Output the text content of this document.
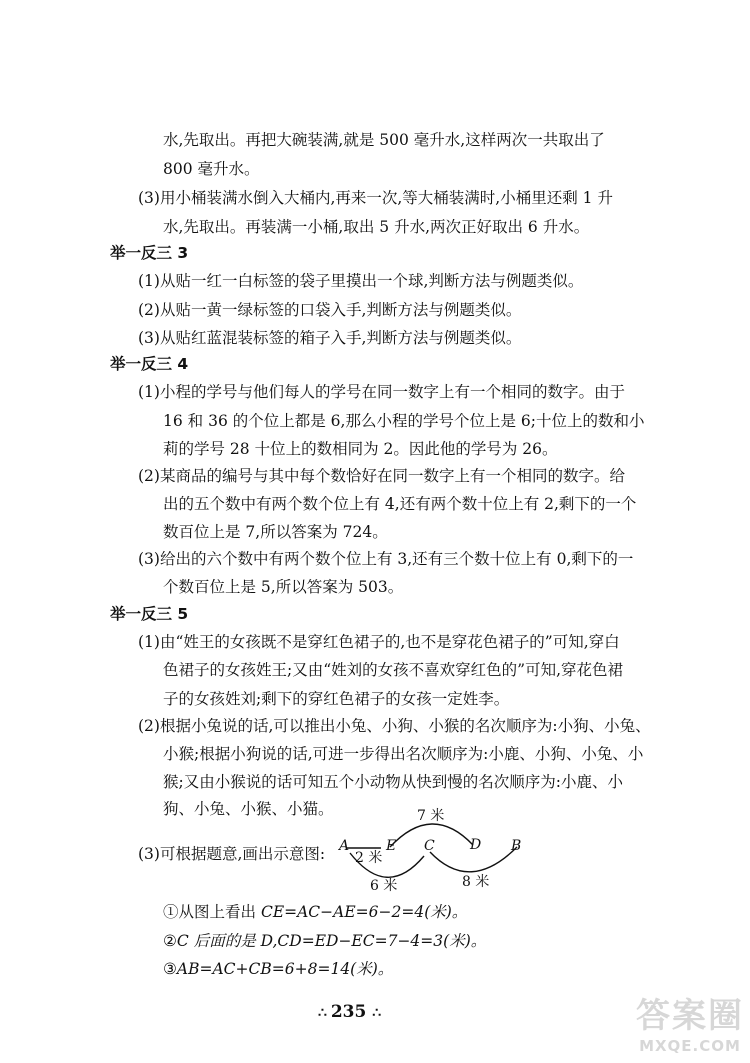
水,先取出。再把大碗装满,就是 500 毫升水,这样两次一共取出了
800 毫升水。
(3)用小桶装满水倒入大桶内,再来一次,等大桶装满时,小桶里还剩 1 升
水,先取出。再装满一小桶,取出 5 升水,两次正好取出 6 升水。
举一反三 3
(1)从贴一红一白标签的袋子里摸出一个球,判断方法与例题类似。
(2)从贴一黄一绿标签的口袋入手,判断方法与例题类似。
(3)从贴红蓝混装标签的箱子入手,判断方法与例题类似。
举一反三 4
(1)小程的学号与他们每人的学号在同一数字上有一个相同的数字。由于
16 和 36 的个位上都是 6,那么小程的学号个位上是 6;十位上的数和小
莉的学号 28 十位上的数相同为 2。因此他的学号为 26。
(2)某商品的编号与其中每个数恰好在同一数字上有一个相同的数字。给
出的五个数中有两个数个位上有 4,还有两个数十位上有 2,剩下的一个
数百位上是 7,所以答案为 724。
(3)给出的六个数中有两个数个位上有 3,还有三个数十位上有 0,剩下的一
个数百位上是 5,所以答案为 503。
举一反三 5
(1)由“姓王的女孩既不是穿红色裙子的,也不是穿花色裙子的”可知,穿白
色裙子的女孩姓王;又由“姓刘的女孩不喜欢穿红色的”可知,穿花色裙
子的女孩姓刘;剩下的穿红色裙子的女孩一定姓李。
(2)根据小兔说的话,可以推出小兔、小狗、小猴的名次顺序为:小狗、小兔、
小猴;根据小狗说的话,可进一步得出名次顺序为:小鹿、小狗、小兔、小
猴;又由小猴说的话可知五个小动物从快到慢的名次顺序为:小鹿、小
狗、小兔、小猴、小猫。
(3)可根据题意,画出示意图: A	E C	D B
7 米
2 米
6 米	8 米
①从图上看出 CE=AC−AE=6−2=4(米)。
②C 后面的是 D,CD=ED−EC=7−4=3(米)。
③AB=AC+CB=6+8=14(米)。
∴ 235 ∴	答案圈
MXQE.COM
